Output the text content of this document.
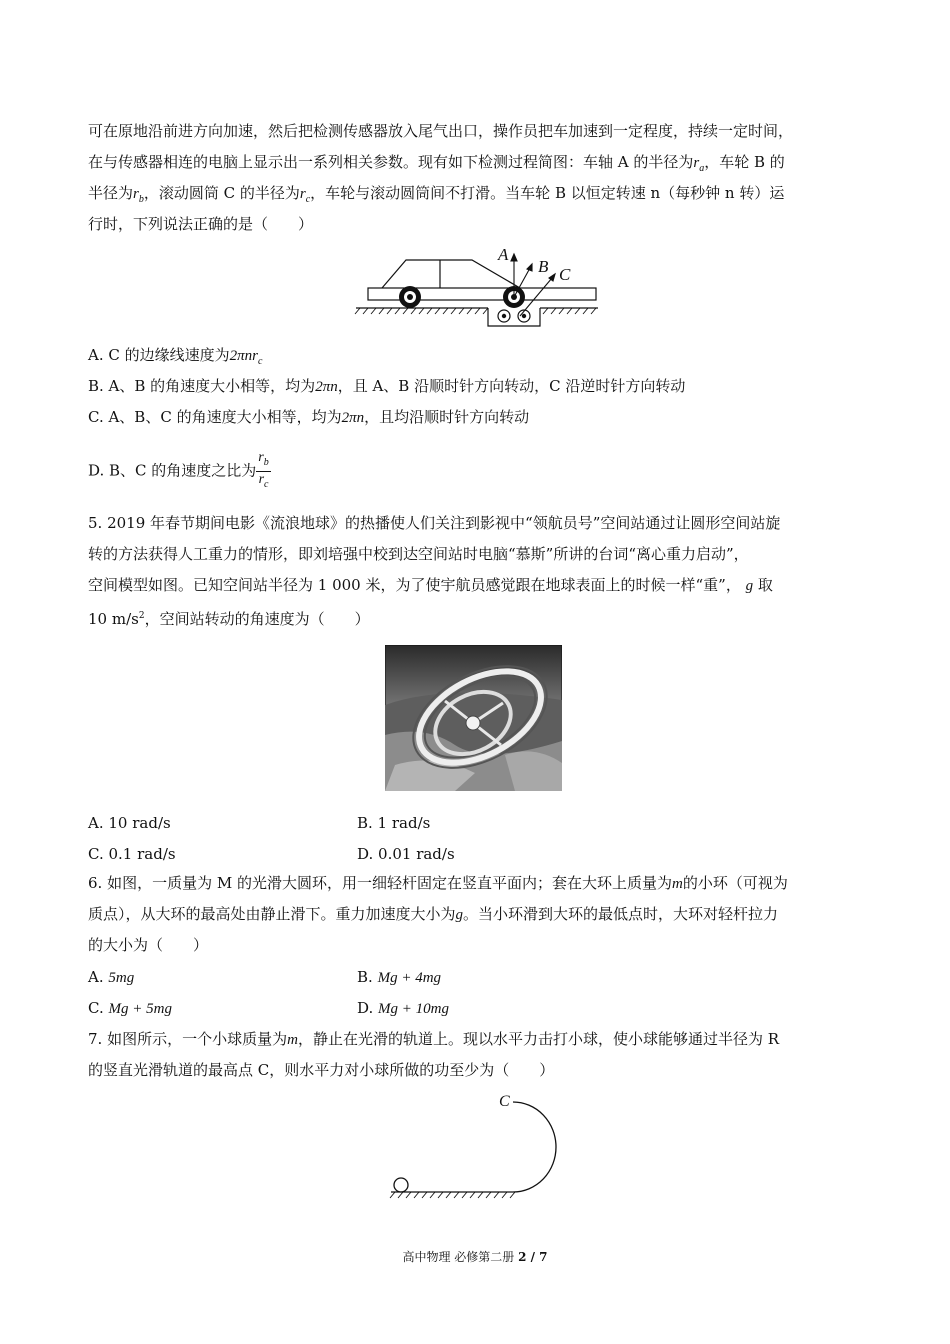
可在原地沿前进方向加速，然后把检测传感器放入尾气出口，操作员把车加速到一定程度，持续一定时间，
在与传感器相连的电脑上显示出一系列相关参数。现有如下检测过程简图：车轴 A 的半径为$r_a$，车轮 B 的
半径为$r_b$，滚动圆筒 C 的半径为$r_c$，车轮与滚动圆筒间不打滑。当车轮 B 以恒定转速 n（每秒钟 n 转）运
行时，下列说法正确的是（　　）
A
B C
A. C 的边缘线速度为2πnr$_c$
B. A、B 的角速度大小相等，均为2πn，且 A、B 沿顺时针方向转动，C 沿逆时针方向转动
C. A、B、C 的角速度大小相等，均为2πn，且均沿顺时针方向转动
D. B、C 的角速度之比为 $\frac{r_b}{r_c}$
5. 2019 年春节期间电影《流浪地球》的热播使人们关注到影视中“领航员号”空间站通过让圆形空间站旋
转的方法获得人工重力的情形，即刘培强中校到达空间站时电脑“慕斯”所讲的台词“离心重力启动”，
空间模型如图。已知空间站半径为 1 000 米，为了使宇航员感觉跟在地球表面上的时候一样“重”， g 取
10 $m/s^2$，空间站转动的角速度为（　　）
A. 10 rad/s	B. 1 rad/s
C. 0.1 rad/s	D. 0.01 rad/s
6. 如图，一质量为 M 的光滑大圆环，用一细轻杆固定在竖直平面内；套在大环上质量为m的小环（可视为
质点），从大环的最高处由静止滑下。重力加速度大小为g。当小环滑到大环的最低点时，大环对轻杆拉力
的大小为（　　）
A. 5mg	B. Mg + 4mg
C. Mg + 5mg	D. Mg + 10mg
7. 如图所示，一个小球质量为m，静止在光滑的轨道上。现以水平力击打小球，使小球能够通过半径为 R
的竖直光滑轨道的最高点 C，则水平力对小球所做的功至少为（　　）
C
高中物理 必修第二册 2 / 7
